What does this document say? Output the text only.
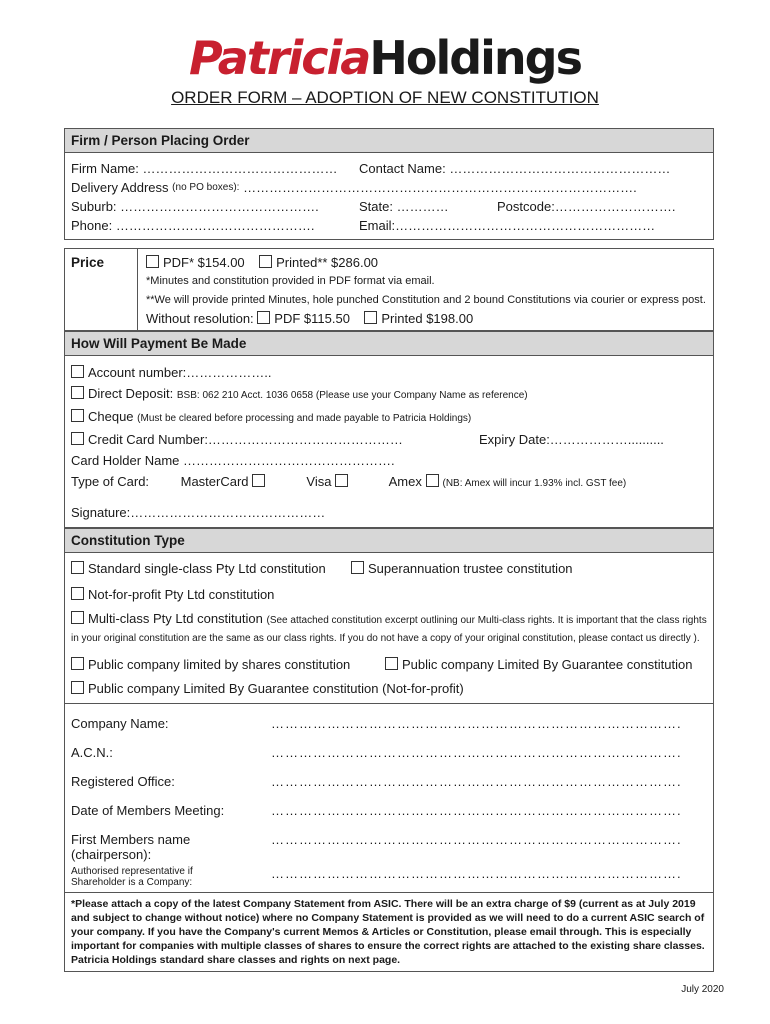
PatriciaHoldings
ORDER FORM – ADOPTION OF NEW CONSTITUTION
Firm / Person Placing Order
Firm Name: ………………………………………	Contact Name: ……………………………………………
Delivery Address
(no PO boxes):
……………………………………………………………………………….
Suburb: ……………………………………….	State: …………	Postcode:……………………….
Phone: ……………………………………….	Email:……………………………………………………
Price	PDF* $154.00 Printed** $286.00
*Minutes and constitution provided in PDF format via email.
**We will provide printed Minutes, hole punched Constitution and 2 bound Constitutions via courier or express post.
Without resolution: PDF $115.50 Printed $198.00
How Will Payment Be Made
Account number:………………..
Direct Deposit: BSB: 062 210 Acct. 1036 0658 (Please use your Company Name as reference)
Cheque (Must be cleared before processing and made payable to Patricia Holdings)
Credit Card Number:………………………………………	Expiry Date:………………..........
Card Holder Name ………………………………………….
Type of Card: MasterCard	Visa	Amex (NB: Amex will incur 1.93% incl. GST fee)
Signature:………………………………………
Constitution Type
Standard single-class Pty Ltd constitution	Superannuation trustee constitution
Not-for-profit Pty Ltd constitution
Multi-class Pty Ltd constitution (See attached constitution excerpt outlining our Multi-class rights. It is important that the class rights in your original constitution are the same as our class rights. If you do not have a copy of your original constitution, please contact us directly ).
Public company limited by shares constitution	Public company Limited By Guarantee constitution
Public company Limited By Guarantee constitution (Not-for-profit)
Company Name:	…………………………………………………………………………….
A.C.N.:	…………………………………………………………………………….
Registered Office:	…………………………………………………………………………….
Date of Members Meeting:	…………………………………………………………………………….
First Members name
(chairperson):
…………………………………………………………………………….
Authorised representative if Shareholder is a Company:
…………………………………………………………………………….
*Please attach a copy of the latest Company Statement from ASIC. There will be an extra charge of $9 (current as at July 2019 and subject to change without notice) where no Company Statement is provided as we will need to do a current ASIC search of your company. If you have the Company's current Memos & Articles or Constitution, please email through. This is especially important for companies with multiple classes of shares to ensure the correct rights are attached to the existing share classes. Patricia Holdings standard share classes and rights on next page.
July 2020
